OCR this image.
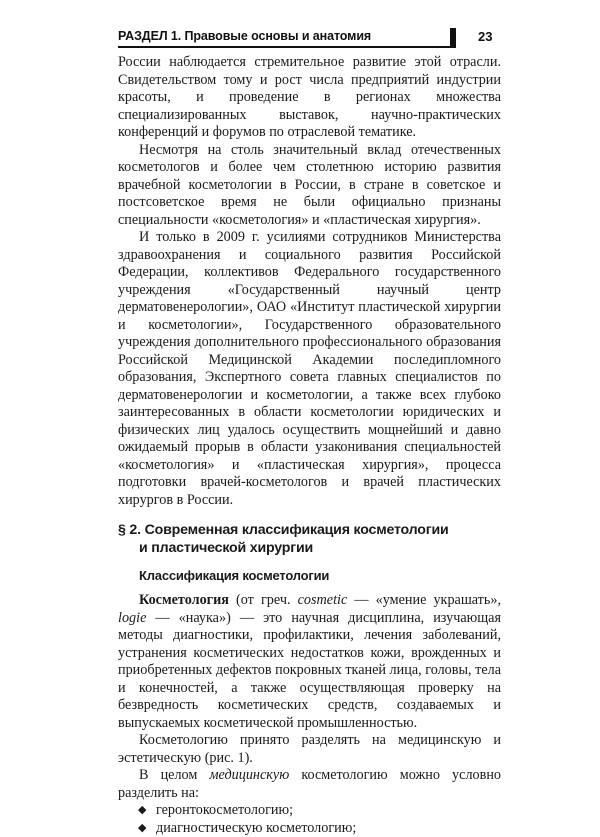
РАЗДЕЛ 1. Правовые основы и анатомия	23

России наблюдается стремительное развитие этой отрасли. Свидетельством тому и рост числа предприятий индустрии красоты, и проведение в регионах множества специализированных выставок, научно-практических конференций и форумов по отраслевой тематике.

Несмотря на столь значительный вклад отечественных косметологов и более чем столетнюю историю развития врачебной косметологии в России, в стране в советское и постсоветское время не были официально признаны специальности «косметология» и «пластическая хирургия».

И только в 2009 г. усилиями сотрудников Министерства здравоохранения и социального развития Российской Федерации, коллективов Федерального государственного учреждения «Государственный научный центр дерматовенерологии», ОАО «Институт пластической хирургии и косметологии», Государственного образовательного учреждения дополнительного профессионального образования Российской Медицинской Академии последипломного образования, Экспертного совета главных специалистов по дерматовенерологии и косметологии, а также всех глубоко заинтересованных в области косметологии юридических и физических лиц удалось осуществить мощнейший и давно ожидаемый прорыв в области узаконивания специальностей «косметология» и «пластическая хирургия», процесса подготовки врачей-косметологов и врачей пластических хирургов в России.

§ 2. Современная классификация косметологии
и пластической хирургии
Классификация косметологии

Косметология (от греч. cosmetic — «умение украшать», logie — «наука») — это научная дисциплина, изучающая методы диагностики, профилактики, лечения заболеваний, устранения косметических недостатков кожи, врожденных и приобретенных дефектов покровных тканей лица, головы, тела и конечностей, а также осуществляющая проверку на безвредность косметических средств, создаваемых и выпускаемых косметической промышленностью.

Косметологию принято разделять на медицинскую и эстетическую (рис. 1).

В целом медицинскую косметологию можно условно разделить на:

◆ геронтокосметологию;
◆ диагностическую косметологию;
